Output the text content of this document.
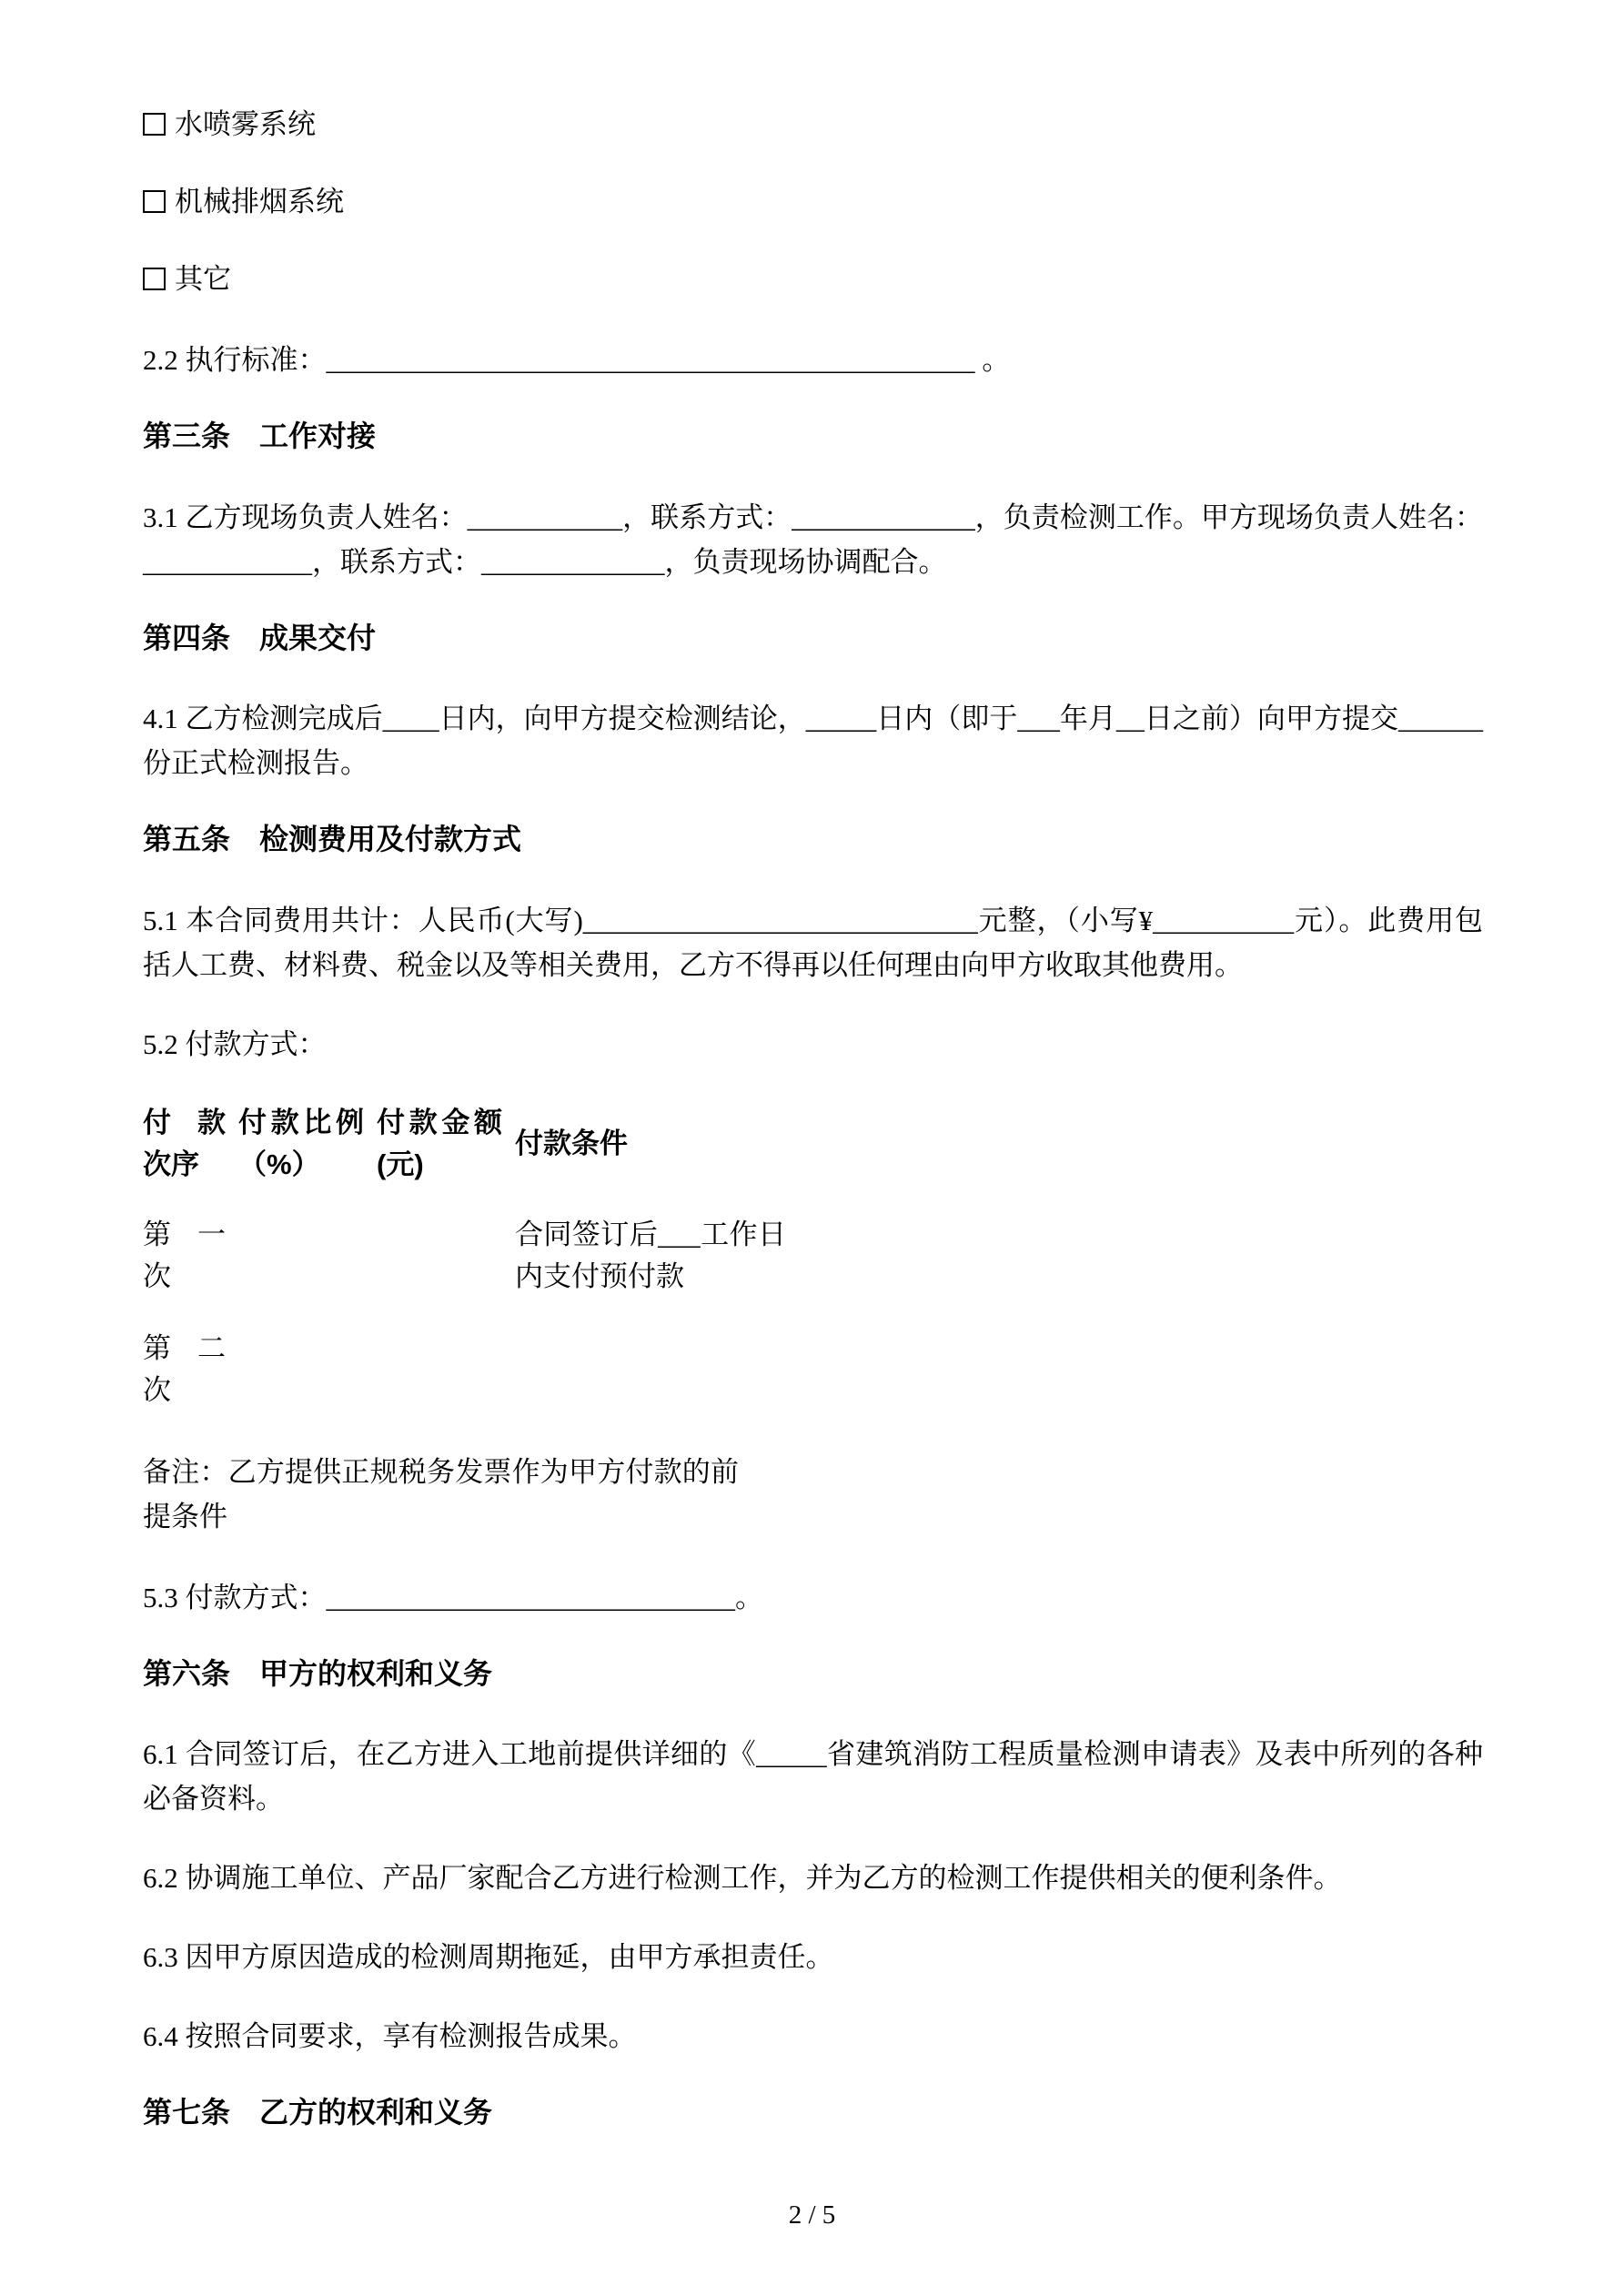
水喷雾系统
机械排烟系统
其它

2.2 执行标准：______________________________________________ 。

第三条　工作对接

3.1 乙方现场负责人姓名：___________，联系方式：_____________，负责检测工作。甲方现场负责人姓名：____________，联系方式：_____________，负责现场协调配合。

第四条　成果交付

4.1 乙方检测完成后____日内，向甲方提交检测结论，_____日内（即于___年月__日之前）向甲方提交______份正式检测报告。

第五条　检测费用及付款方式

5.1 本合同费用共计：人民币(大写)____________________________元整，（小写¥__________元）。此费用包括人工费、材料费、税金以及等相关费用，乙方不得再以任何理由向甲方收取其他费用。

5.2 付款方式：

付款次序	付款比例（%）	付款金额(元)	付款条件
第一次			合同签订后___工作日内支付预付款
第二次			

备注：乙方提供正规税务发票作为甲方付款的前提条件

5.3 付款方式：_____________________________。

第六条　甲方的权利和义务

6.1 合同签订后，在乙方进入工地前提供详细的《_____省建筑消防工程质量检测申请表》及表中所列的各种必备资料。

6.2 协调施工单位、产品厂家配合乙方进行检测工作，并为乙方的检测工作提供相关的便利条件。

6.3 因甲方原因造成的检测周期拖延，由甲方承担责任。

6.4 按照合同要求，享有检测报告成果。

第七条　乙方的权利和义务
2 / 5
